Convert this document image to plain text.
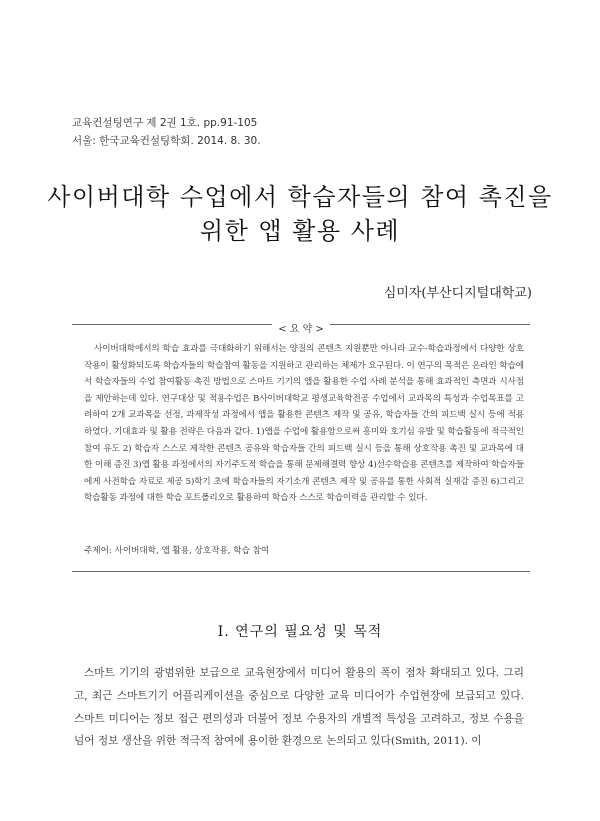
교육컨설팅연구 제 2권 1호. pp.91-105
서울: 한국교육컨설팅학회. 2014. 8. 30.
사이버대학 수업에서 학습자들의 참여 촉진을
위한 앱 활용 사례
심미자(부산디지털대학교)
< 요 약 >
사이버대학에서의 학습 효과를 극대화하기 위해서는 양질의 콘텐츠 지원뿐만 아니라 교수-학습과정에서 다양한 상호작용이 활성화되도록 학습자들의 학습참여 활동을 지원하고 관리하는 체제가 요구된다. 이 연구의 목적은 온라인 학습에서 학습자들의 수업 참여활동 촉진 방법으로 스마트 기기의 앱을 활용한 수업 사례 분석을 통해 효과적인 측면과 시사점을 제안하는데 있다. 연구대상 및 적용수업은 B사이버대학교 평생교육학전공 수업에서 교과목의 특성과 수업목표를 고려하여 2개 교과목을 선정, 과제작성 과정에서 앱을 활용한 콘텐츠 제작 및 공유, 학습자들 간의 피드백 실시 등에 적용하였다. 기대효과 및 활용 전략은 다음과 같다. 1)앱을 수업에 활용함으로써 흥미와 호기심 유발 및 학습활동에 적극적인 참여 유도 2) 학습자 스스로 제작한 콘텐츠 공유와 학습자들 간의 피드백 실시 등을 통해 상호작용 촉진 및 교과목에 대한 이해 증진 3)앱 활용 과정에서의 자기주도적 학습을 통해 문제해결력 향상 4)선수학습용 콘텐츠를 제작하여 학습자들에게 사전학습 자료로 제공 5)학기 초에 학습자들의 자기소개 콘텐츠 제작 및 공유를 통한 사회적 실재감 증진 6)그리고 학습활동 과정에 대한 학습 포트폴리오로 활용하여 학습자 스스로 학습이력을 관리할 수 있다.
주제어: 사이버대학, 앱 활용, 상호작용, 학습 참여
Ⅰ. 연구의 필요성 및 목적
스마트 기기의 광범위한 보급으로 교육현장에서 미디어 활용의 폭이 점차 확대되고 있다. 그리고, 최근 스마트기기 어플리케이션을 중심으로 다양한 교육 미디어가 수업현장에 보급되고 있다. 스마트 미디어는 정보 접근 편의성과 더불어 정보 수용자의 개별적 특성을 고려하고, 정보 수용을 넘어 정보 생산을 위한 적극적 참여에 용이한 환경으로 논의되고 있다(Smith, 2011). 이
